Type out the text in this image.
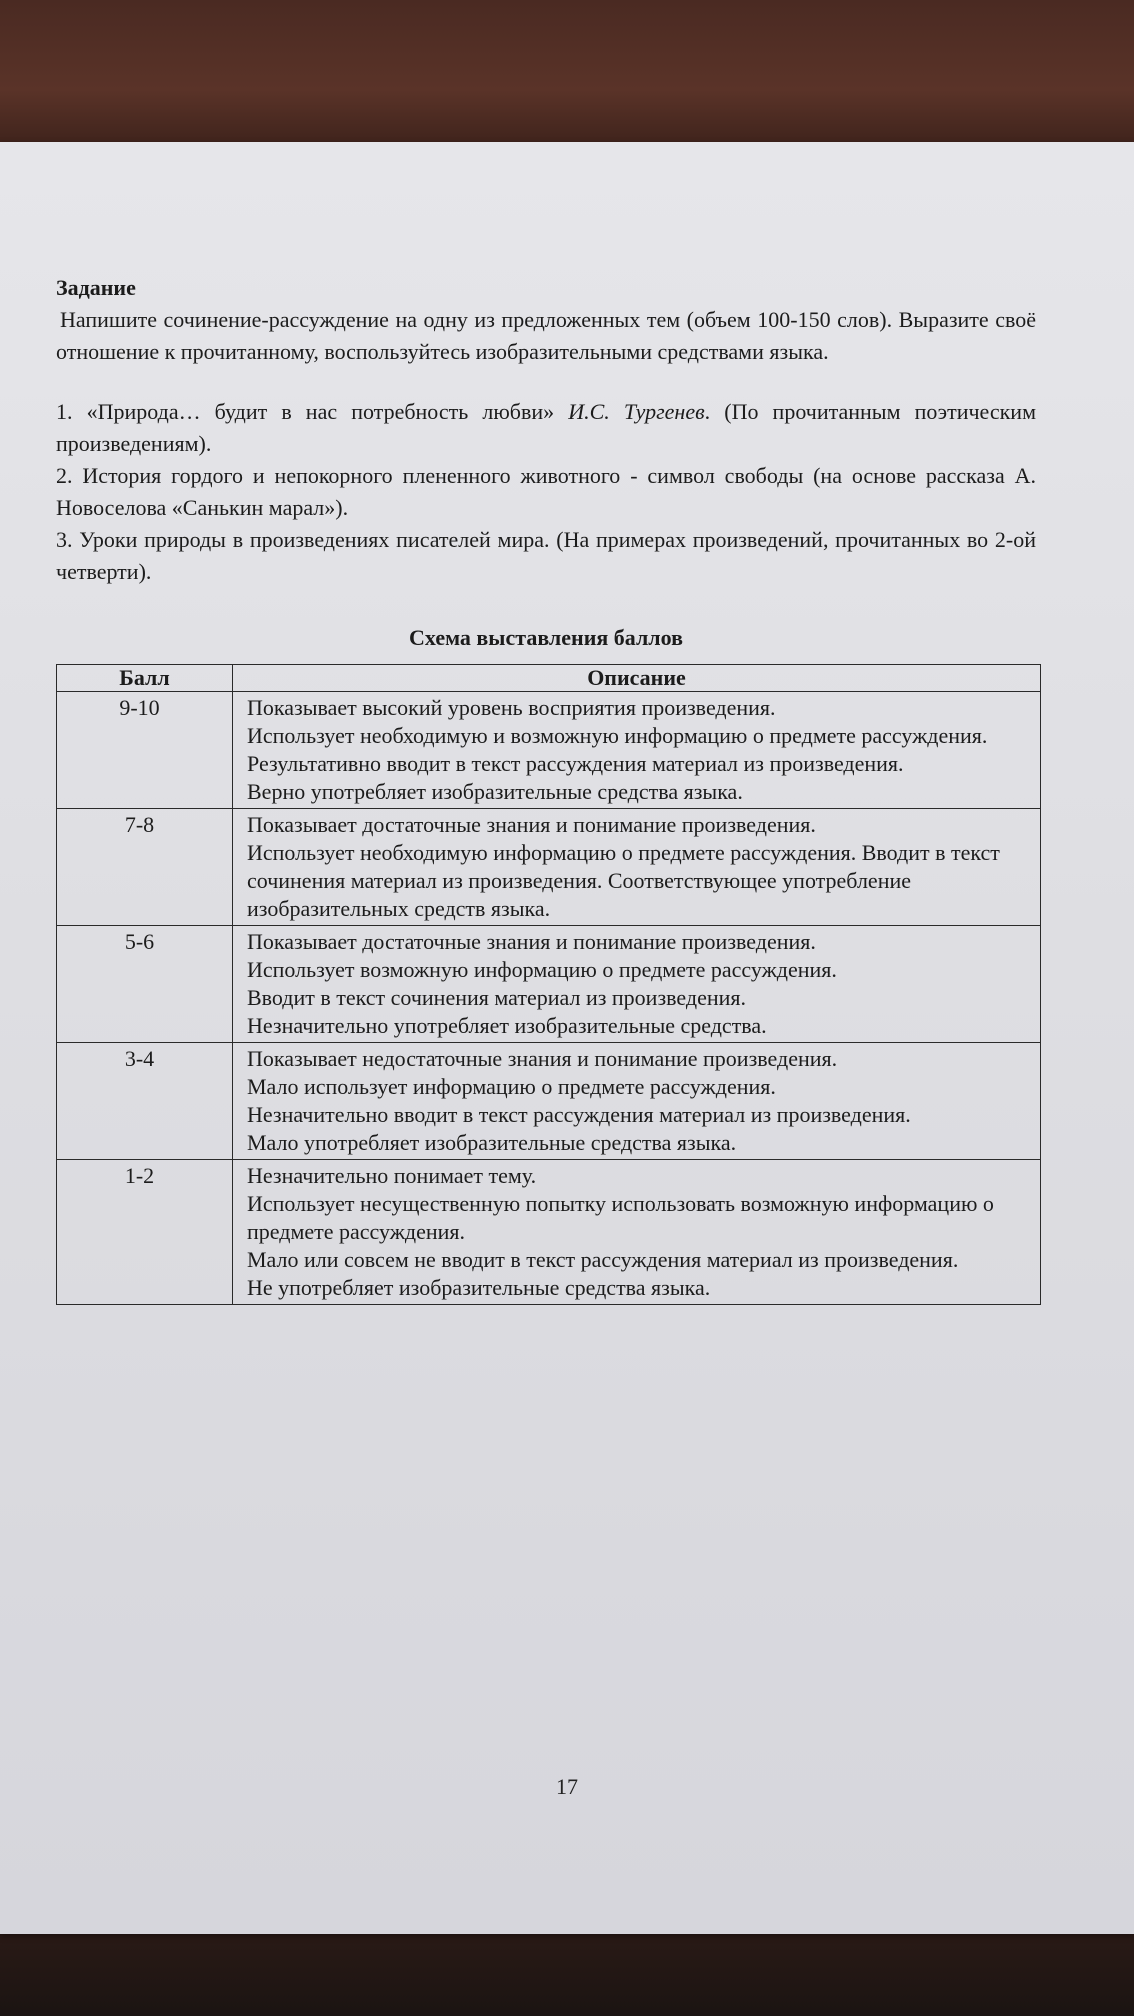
Задание
Напишите сочинение-рассуждение на одну из предложенных тем (объем 100-150 слов). Выразите своё отношение к прочитанному, воспользуйтесь изобразительными средствами языка.
1. «Природа… будит в нас потребность любви» И.С. Тургенев. (По прочитанным поэтическим произведениям).
2. История гордого и непокорного плененного животного - символ свободы (на основе рассказа А. Новоселова «Санькин марал»).
3. Уроки природы в произведениях писателей мира. (На примерах произведений, прочитанных во 2-ой четверти).
Схема выставления баллов
Балл	Описание
9-10	Показывает высокий уровень восприятия произведения.
Использует необходимую и возможную информацию о предмете рассуждения.
Результативно вводит в текст рассуждения материал из произведения.
Верно употребляет изобразительные средства языка.

7-8	Показывает достаточные знания и понимание произведения.
Использует необходимую информацию о предмете рассуждения. Вводит в текст сочинения материал из произведения. Соответствующее употребление изобразительных средств языка.

5-6	Показывает достаточные знания и понимание произведения.
Использует возможную информацию о предмете рассуждения.
Вводит в текст сочинения материал из произведения.
Незначительно употребляет изобразительные средства.

3-4	Показывает недостаточные знания и понимание произведения.
Мало использует информацию о предмете рассуждения.
Незначительно вводит в текст рассуждения материал из произведения.
Мало употребляет изобразительные средства языка.

1-2	Незначительно понимает тему.
Использует несущественную попытку использовать возможную информацию о предмете рассуждения.
Мало или совсем не вводит в текст рассуждения материал из произведения.
Не употребляет изобразительные средства языка.
17
